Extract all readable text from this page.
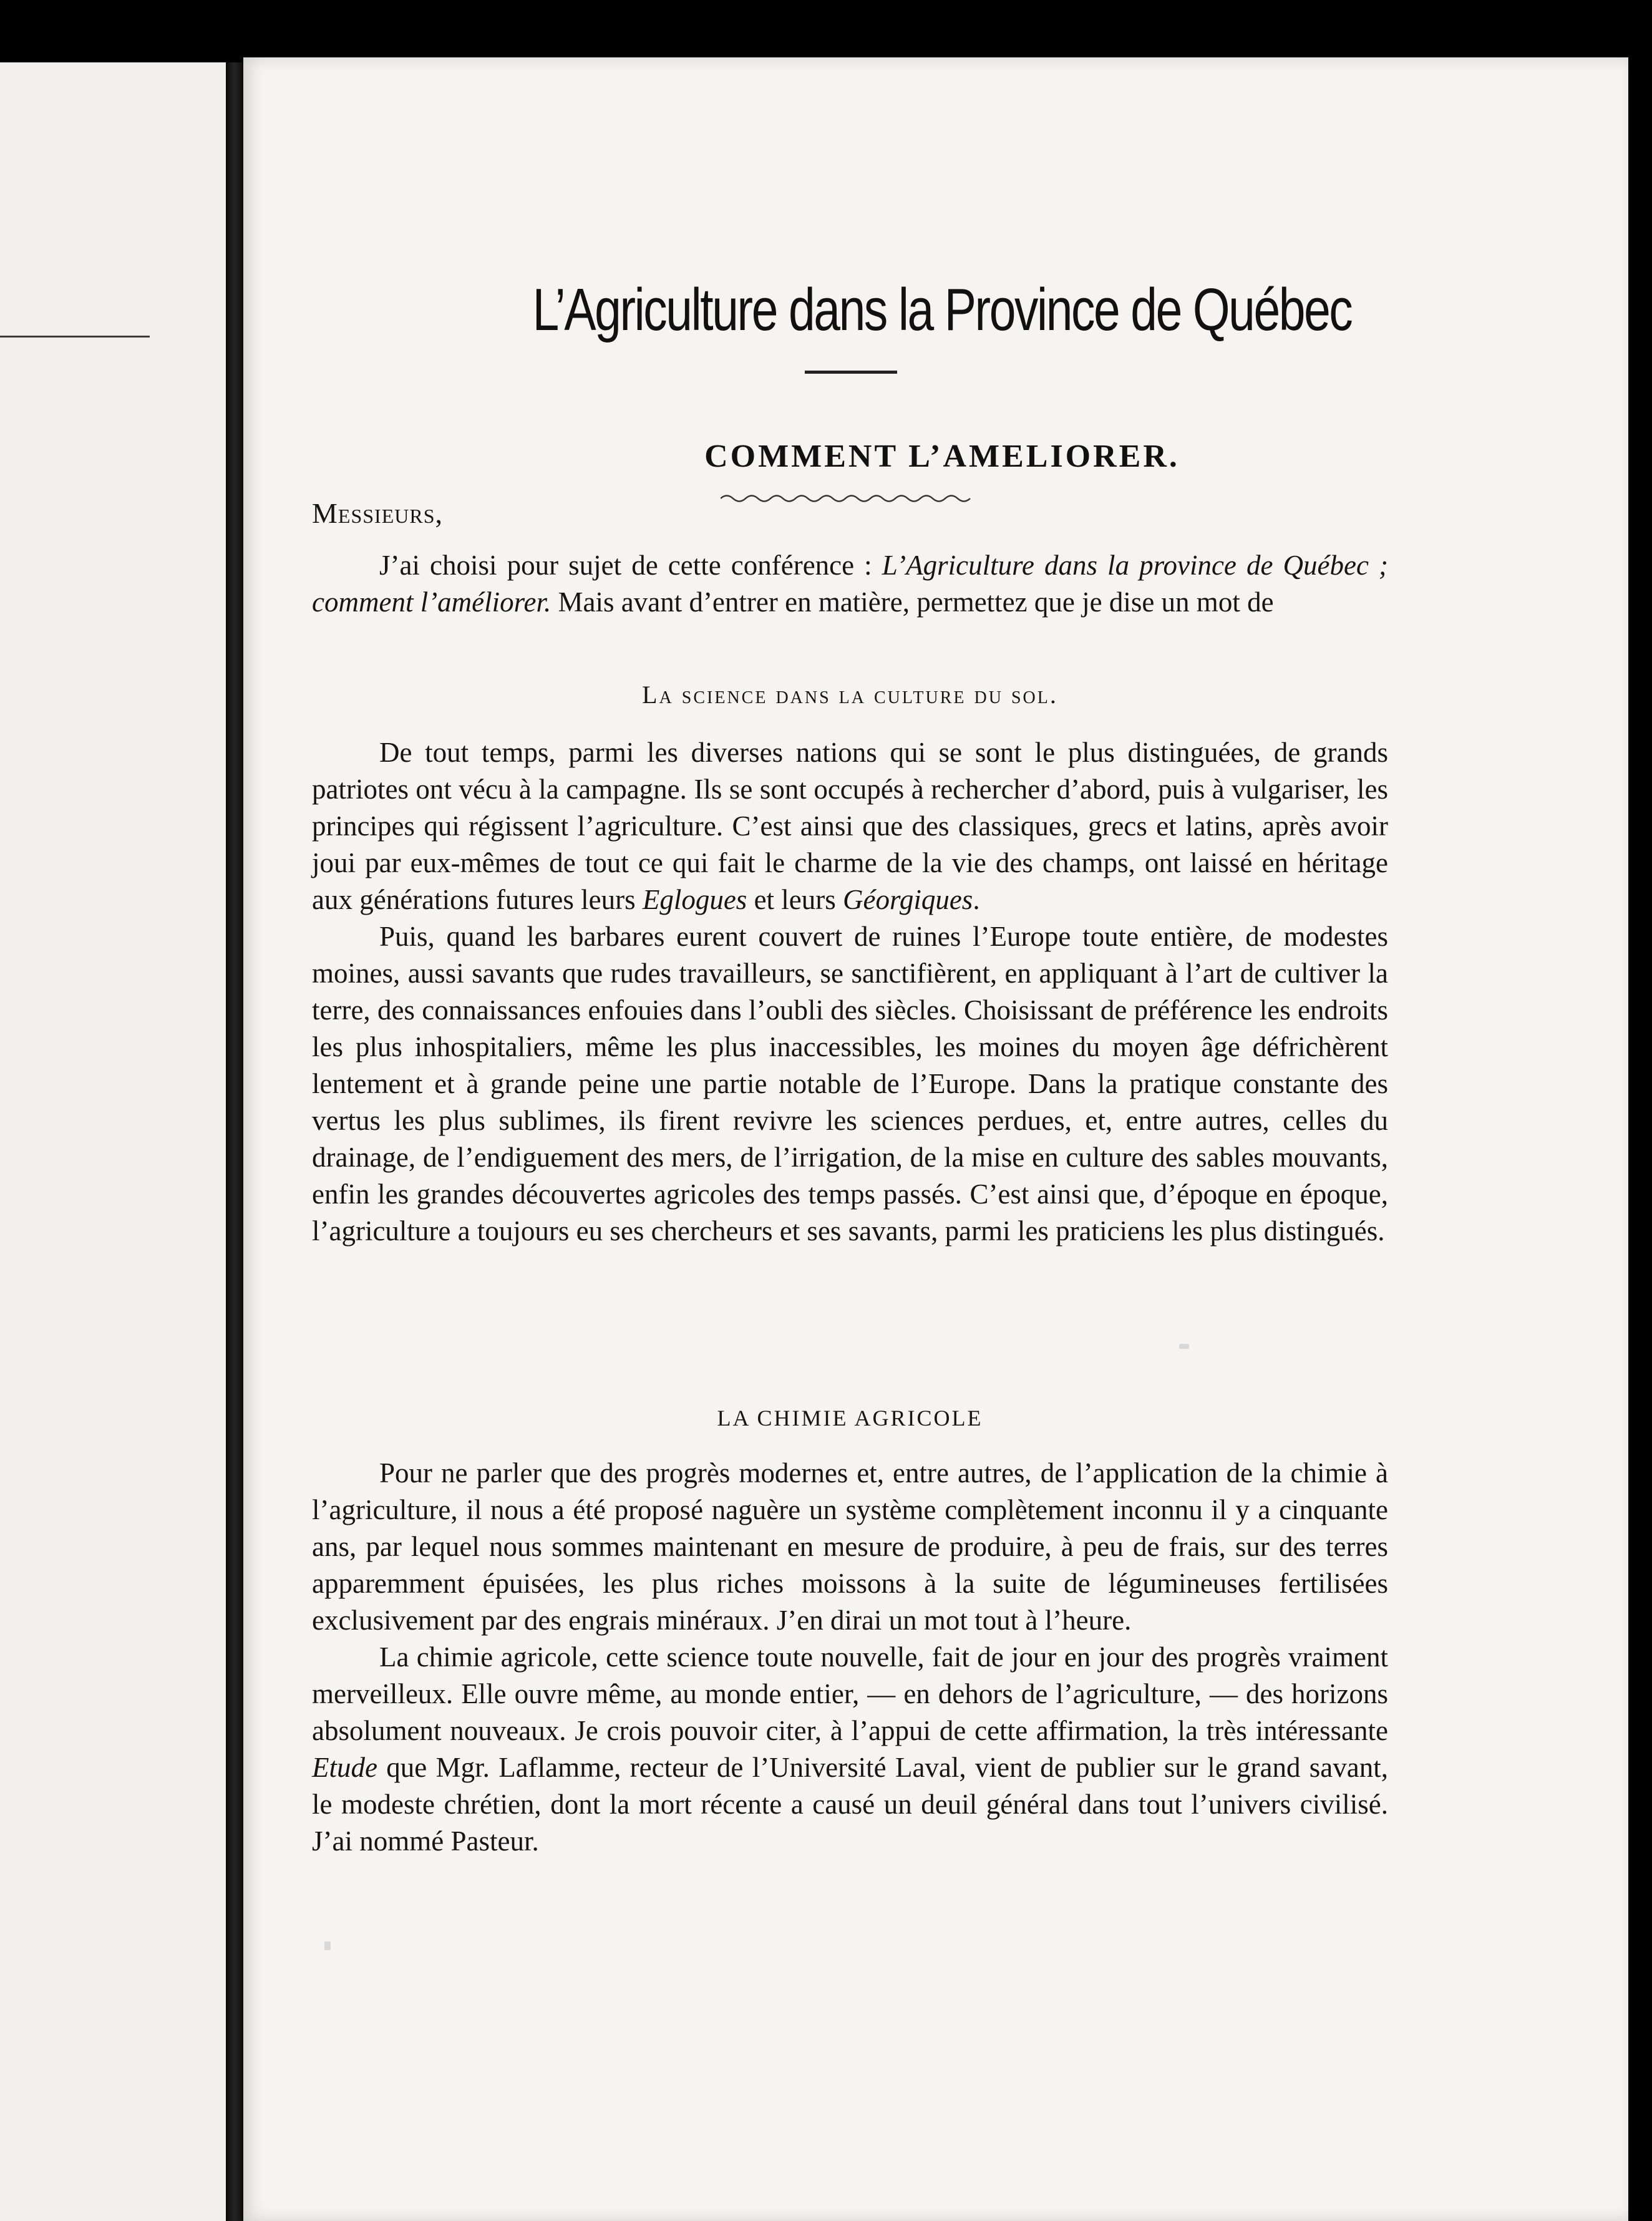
L’Agriculture dans la Province de Québec
COMMENT L’AMELIORER.
Messieurs,

J’ai choisi pour sujet de cette conférence : L’Agriculture dans la province de Québec ; comment l’améliorer. Mais avant d’entrer en matière, permettez que je dise un mot de

La science dans la culture du sol.

De tout temps, parmi les diverses nations qui se sont le plus distinguées, de grands patriotes ont vécu à la campagne. Ils se sont occupés à rechercher d’abord, puis à vulgariser, les principes qui régissent l’agriculture. C’est ainsi que des classiques, grecs et latins, après avoir joui par eux-mêmes de tout ce qui fait le charme de la vie des champs, ont laissé en héritage aux générations futures leurs Eglogues et leurs Géorgiques.

Puis, quand les barbares eurent couvert de ruines l’Europe toute entière, de modestes moines, aussi savants que rudes travailleurs, se sanctifièrent, en appliquant à l’art de cultiver la terre, des connaissances enfouies dans l’oubli des siècles. Choisissant de préférence les endroits les plus inhospitaliers, même les plus inaccessibles, les moines du moyen âge défrichèrent lentement et à grande peine une partie notable de l’Europe. Dans la pratique constante des vertus les plus sublimes, ils firent revivre les sciences perdues, et, entre autres, celles du drainage, de l’endiguement des mers, de l’irrigation, de la mise en culture des sables mouvants, enfin les grandes découvertes agricoles des temps passés. C’est ainsi que, d’époque en époque, l’agriculture a toujours eu ses chercheurs et ses savants, parmi les praticiens les plus distingués.

LA CHIMIE AGRICOLE

Pour ne parler que des progrès modernes et, entre autres, de l’application de la chimie à l’agriculture, il nous a été proposé naguère un système complètement inconnu il y a cinquante ans, par lequel nous sommes maintenant en mesure de produire, à peu de frais, sur des terres apparemment épuisées, les plus riches moissons à la suite de légumineuses fertilisées exclusivement par des engrais minéraux. J’en dirai un mot tout à l’heure.

La chimie agricole, cette science toute nouvelle, fait de jour en jour des progrès vraiment merveilleux. Elle ouvre même, au monde entier, — en dehors de l’agriculture, — des horizons absolument nouveaux. Je crois pouvoir citer, à l’appui de cette affirmation, la très intéressante Etude que Mgr. Laflamme, recteur de l’Université Laval, vient de publier sur le grand savant, le modeste chrétien, dont la mort récente a causé un deuil général dans tout l’univers civilisé. J’ai nommé Pasteur.
